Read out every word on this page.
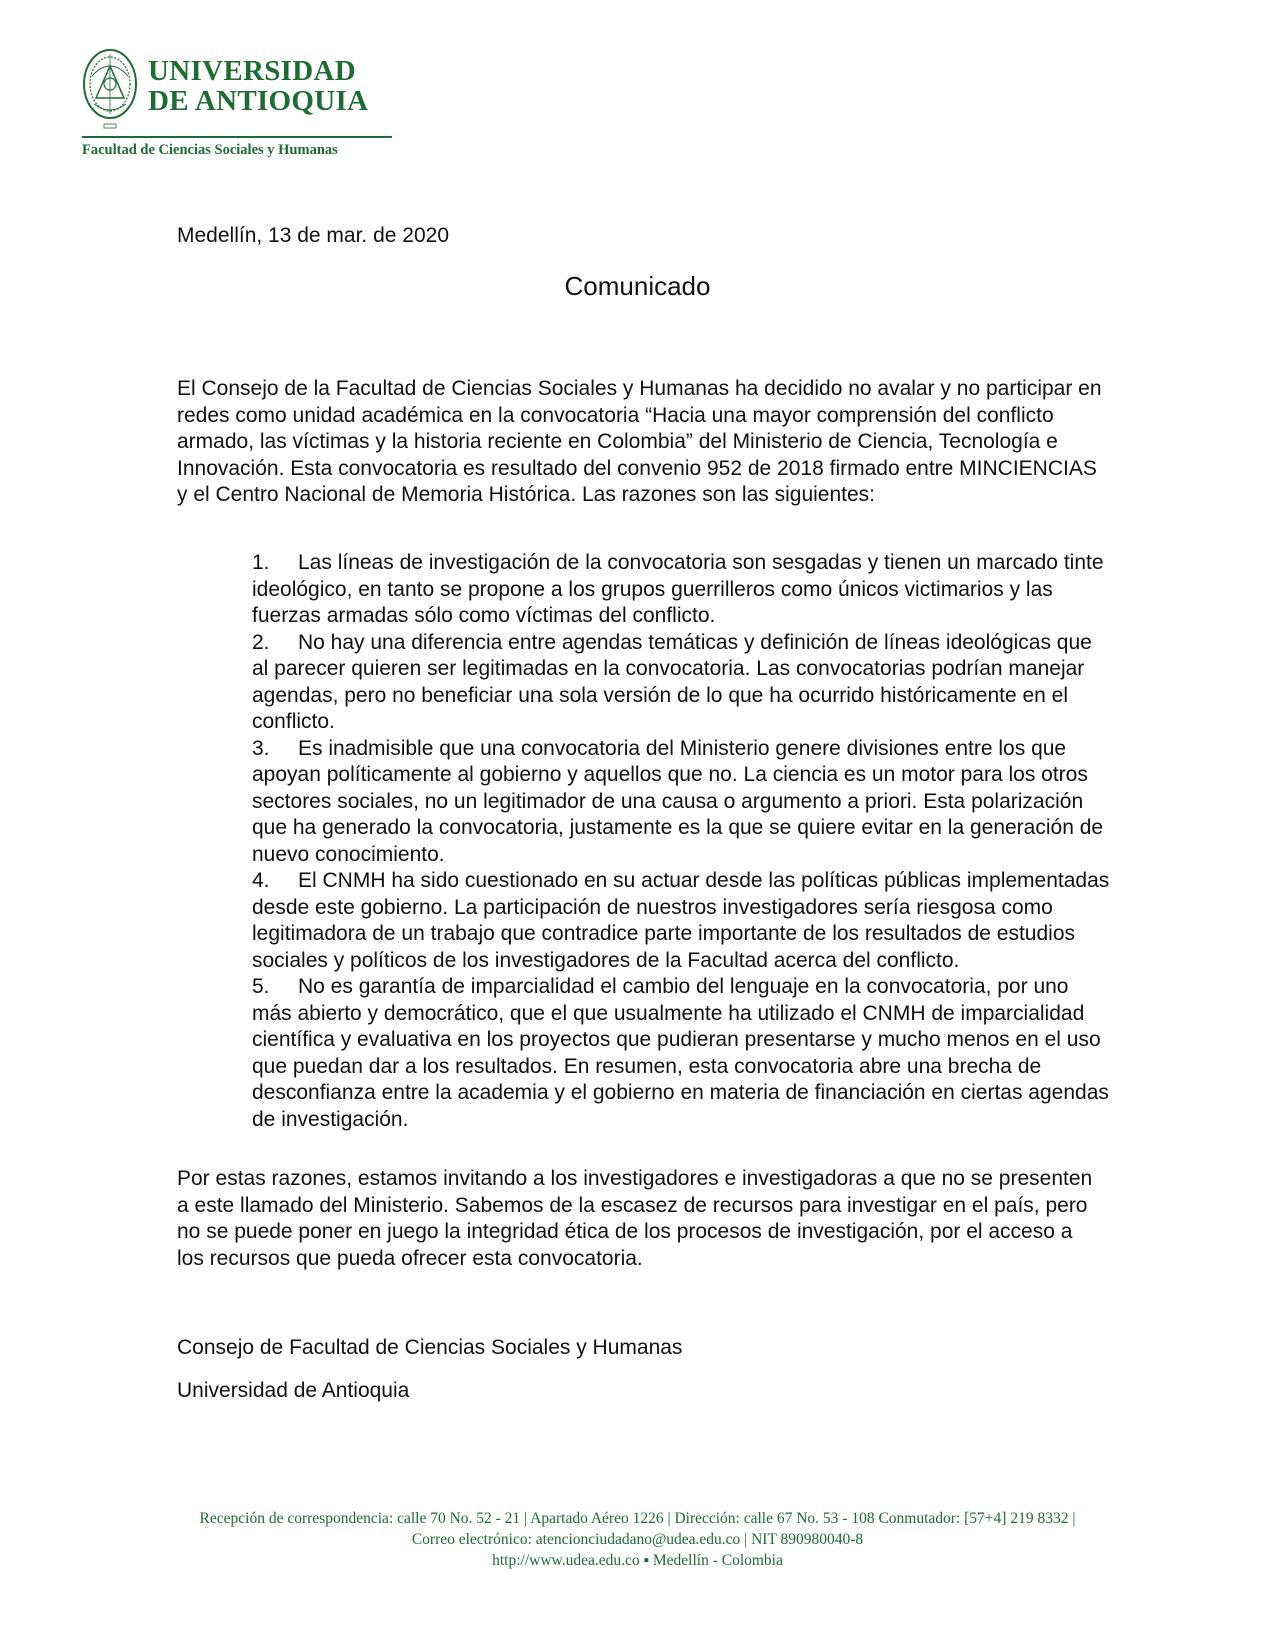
UNIVERSIDAD
DE ANTIOQUIA
Facultad de Ciencias Sociales y Humanas
Medellín, 13 de mar. de 2020
Comunicado
El Consejo de la Facultad de Ciencias Sociales y Humanas ha decidido no avalar y no participar en redes como unidad académica en la convocatoria “Hacia una mayor comprensión del conflicto armado, las víctimas y la historia reciente en Colombia” del Ministerio de Ciencia, Tecnología e Innovación. Esta convocatoria es resultado del convenio 952 de 2018 firmado entre MINCIENCIAS y el Centro Nacional de Memoria Histórica. Las razones son las siguientes:
1. Las líneas de investigación de la convocatoria son sesgadas y tienen un marcado tinte ideológico, en tanto se propone a los grupos guerrilleros como únicos victimarios y las fuerzas armadas sólo como víctimas del conflicto.
2. No hay una diferencia entre agendas temáticas y definición de líneas ideológicas que al parecer quieren ser legitimadas en la convocatoria. Las convocatorias podrían manejar agendas, pero no beneficiar una sola versión de lo que ha ocurrido históricamente en el conflicto.
3. Es inadmisible que una convocatoria del Ministerio genere divisiones entre los que apoyan políticamente al gobierno y aquellos que no. La ciencia es un motor para los otros sectores sociales, no un legitimador de una causa o argumento a priori. Esta polarización que ha generado la convocatoria, justamente es la que se quiere evitar en la generación de nuevo conocimiento.
4. El CNMH ha sido cuestionado en su actuar desde las políticas públicas implementadas desde este gobierno. La participación de nuestros investigadores sería riesgosa como legitimadora de un trabajo que contradice parte importante de los resultados de estudios sociales y políticos de los investigadores de la Facultad acerca del conflicto.
5. No es garantía de imparcialidad el cambio del lenguaje en la convocatoria, por uno más abierto y democrático, que el que usualmente ha utilizado el CNMH de imparcialidad científica y evaluativa en los proyectos que pudieran presentarse y mucho menos en el uso que puedan dar a los resultados. En resumen, esta convocatoria abre una brecha de desconfianza entre la academia y el gobierno en materia de financiación en ciertas agendas de investigación.
Por estas razones, estamos invitando a los investigadores e investigadoras a que no se presenten a este llamado del Ministerio. Sabemos de la escasez de recursos para investigar en el país, pero no se puede poner en juego la integridad ética de los procesos de investigación, por el acceso a los recursos que pueda ofrecer esta convocatoria.
Consejo de Facultad de Ciencias Sociales y Humanas
Universidad de Antioquia
Recepción de correspondencia: calle 70 No. 52 - 21 | Apartado Aéreo 1226 | Dirección: calle 67 No. 53 - 108 Conmutador: [57+4] 219 8332 |
Correo electrónico: atencionciudadano@udea.edu.co | NIT 890980040-8
http://www.udea.edu.co ▪ Medellín - Colombia
